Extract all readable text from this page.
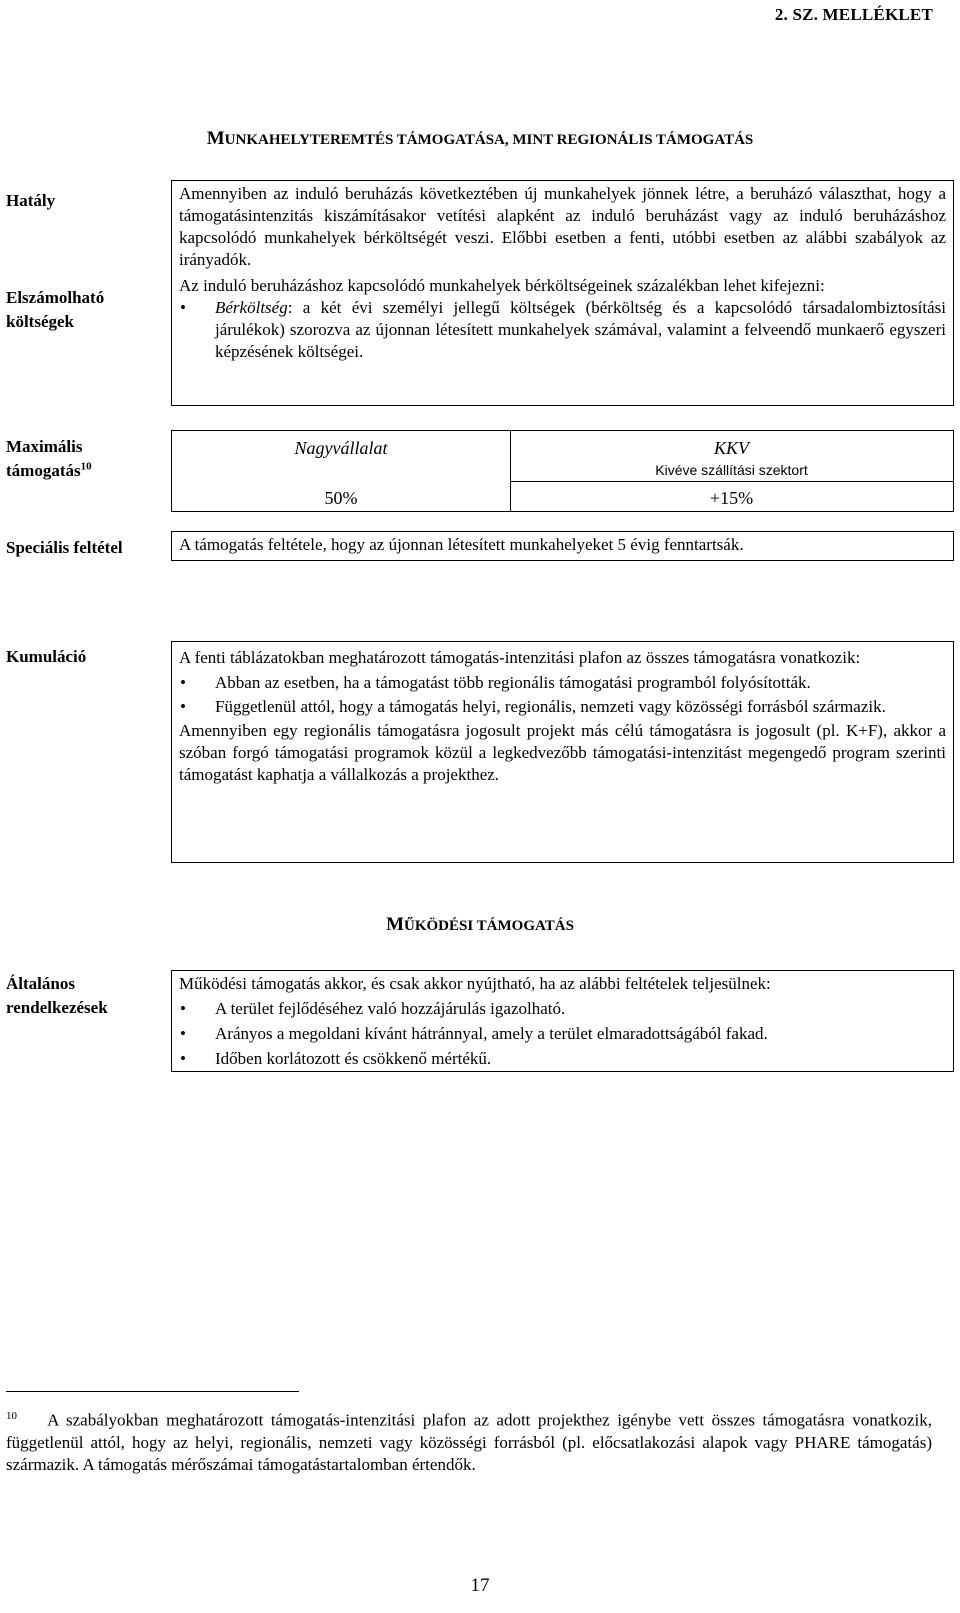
2. SZ. MELLÉKLET
MUNKAHELYTEREMTÉS TÁMOGATÁSA, MINT REGIONÁLIS TÁMOGATÁS
Hatály
Elszámolható költségek
Maximális támogatás$^{10}$
Speciális feltétel
Kumuláció
Általános rendelkezések

Amennyiben az induló beruházás következtében új munkahelyek jönnek létre, a beruházó választhat, hogy a támogatásintenzitás kiszámításakor vetítési alapként az induló beruházást vagy az induló beruházáshoz kapcsolódó munkahelyek bérköltségét veszi. Előbbi esetben a fenti, utóbbi esetben az alábbi szabályok az irányadók.

Az induló beruházáshoz kapcsolódó munkahelyek bérköltségeinek százalékban lehet kifejezni:

• Bérköltség: a két évi személyi jellegű költségek (bérköltség és a kapcsolódó társadalombiztosítási járulékok) szorozva az újonnan létesített munkahelyek számával, valamint a felveendő munkaerő egyszeri képzésének költségei.
Nagyvállalat	KKV
Kivéve szállítási szektort
50%	+15%

A támogatás feltétele, hogy az újonnan létesített munkahelyeket 5 évig fenntartsák.

A fenti táblázatokban meghatározott támogatás-intenzitási plafon az összes támogatásra vonatkozik:

• Abban az esetben, ha a támogatást több regionális támogatási programból folyósították.
• Függetlenül attól, hogy a támogatás helyi, regionális, nemzeti vagy közösségi forrásból származik.

Amennyiben egy regionális támogatásra jogosult projekt más célú támogatásra is jogosult (pl. K+F), akkor a szóban forgó támogatási programok közül a legkedvezőbb támogatási-intenzitást megengedő program szerinti támogatást kaphatja a vállalkozás a projekthez.

MŰKÖDÉSI TÁMOGATÁS

Működési támogatás akkor, és csak akkor nyújtható, ha az alábbi feltételek teljesülnek:

• A terület fejlődéséhez való hozzájárulás igazolható.
• Arányos a megoldani kívánt hátránnyal, amely a terület elmaradottságából fakad.
• Időben korlátozott és csökkenő mértékű.
$^{10}$ A szabályokban meghatározott támogatás-intenzitási plafon az adott projekthez igénybe vett összes támogatásra vonatkozik, függetlenül attól, hogy az helyi, regionális, nemzeti vagy közösségi forrásból (pl. előcsatlakozási alapok vagy PHARE támogatás) származik. A támogatás mérőszámai támogatástartalomban értendők.
17
